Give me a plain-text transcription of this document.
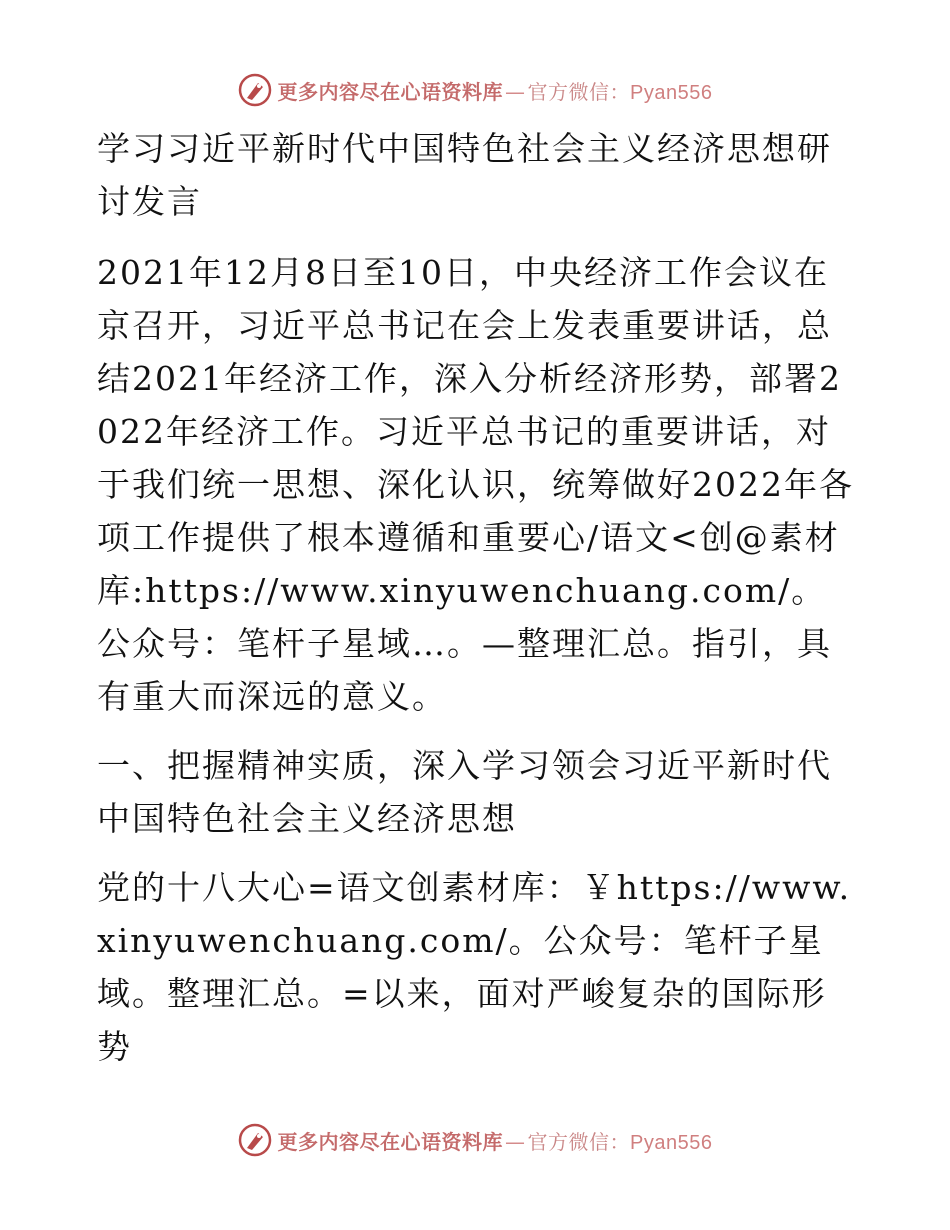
更多内容尽在心语资料库 — 官方微信：Pyan556

学习习近平新时代中国特色社会主义经济思想研讨发言

2021年12月8日至10日，中央经济工作会议在京召开，习近平总书记在会上发表重要讲话，总结2021年经济工作，深入分析经济形势，部署2022年经济工作。习近平总书记的重要讲话，对于我们统一思想、深化认识，统筹做好2022年各项工作提供了根本遵循和重要心/语文<创@素材库:https://www.xinyuwenchuang.com/。公众号：笔杆子星域…。—整理汇总。指引，具有重大而深远的意义。

一、把握精神实质，深入学习领会习近平新时代中国特色社会主义经济思想

党的十八大心=语文创素材库：￥https://www.xinyuwenchuang.com/。公众号：笔杆子星域。整理汇总。=以来，面对严峻复杂的国际形势

更多内容尽在心语资料库 — 官方微信：Pyan556
